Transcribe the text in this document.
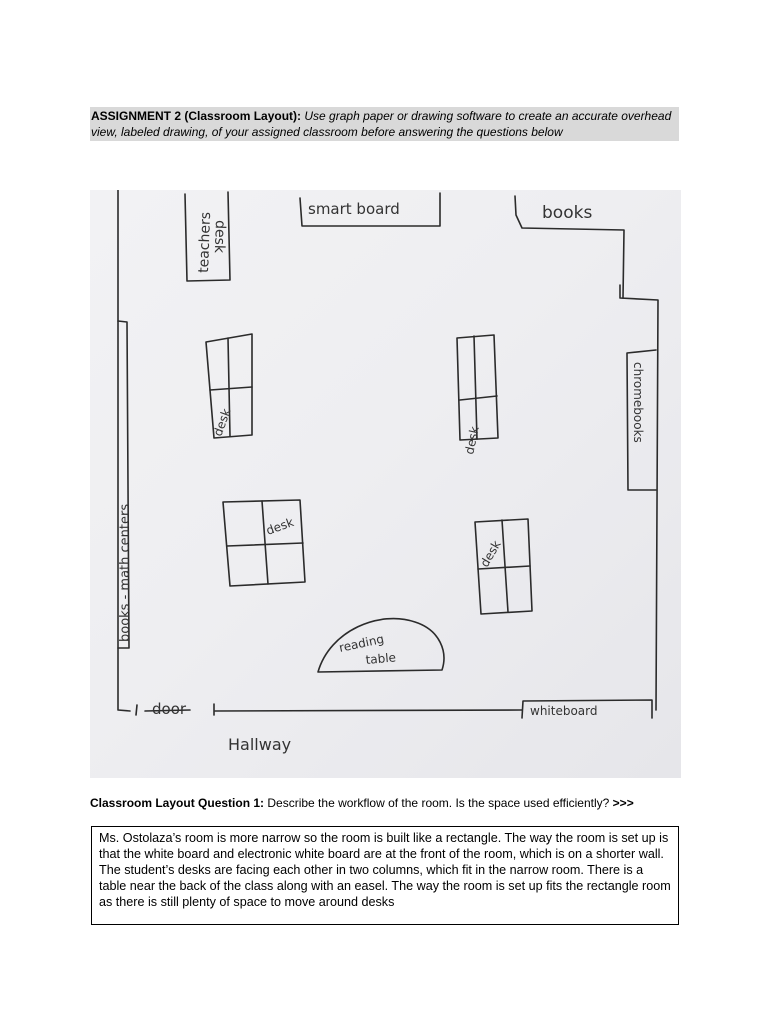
ASSIGNMENT 2 (Classroom Layout): Use graph paper or drawing software to create an accurate overhead view, labeled drawing, of your assigned classroom before answering the questions below
teachers
desk
smart board	books
chromebooks
books - math centers
desk
desk
desk
desk
reading
table
door	whiteboard
Hallway
Classroom Layout Question 1: Describe the workflow of the room. Is the space used efficiently? >>>
Ms. Ostolaza’s room is more narrow so the room is built like a rectangle. The way the room is set up is that the white board and electronic white board are at the front of the room, which is on a shorter wall. The student’s desks are facing each other in two columns, which fit in the narrow room. There is a table near the back of the class along with an easel. The way the room is set up fits the rectangle room as there is still plenty of space to move around desks
